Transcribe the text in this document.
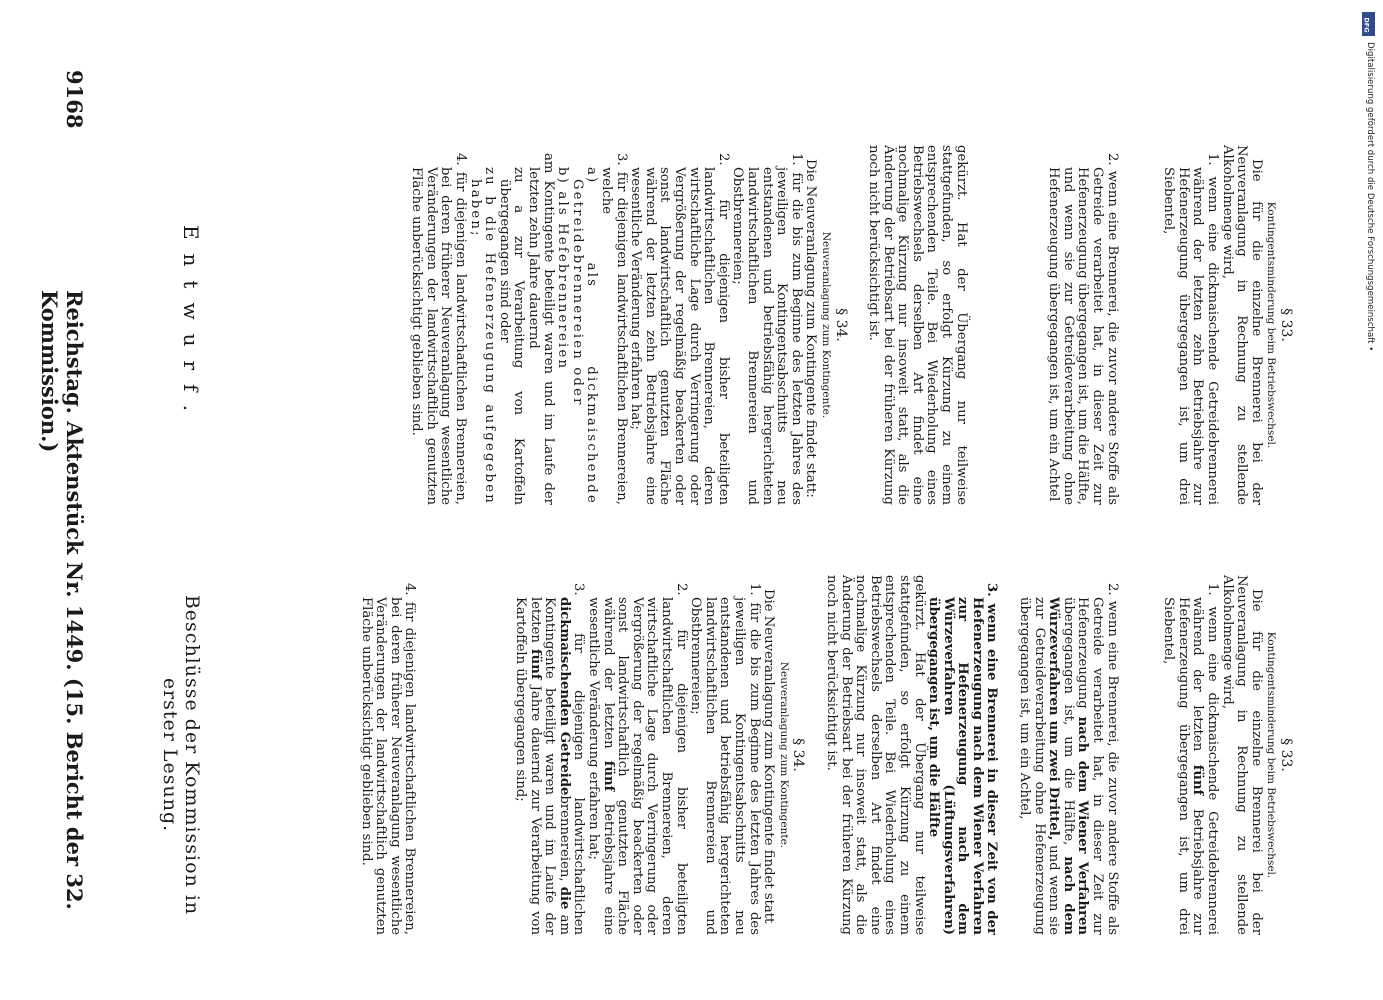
9168
Reichstag. Aktenstück Nr. 1449. (15. Bericht der 32. Kommission.)	Entwurf.
Beschlüsse der Kommission in erster Lesung.
§ 33.
Kontingentsminderung beim Betriebswechsel.

Die für die einzelne Brennerei bei der Neuveranlagung in Rechnung zu stellende Alkoholmenge wird,

1. wenn eine dickmaischende Getreidebrennerei während der letzten zehn Betriebsjahre zur Hefenerzeugung übergegangen ist, um drei Siebentel,
2. wenn eine Brennerei, die zuvor andere Stoffe als Getreide verarbeitet hat, in dieser Zeit zur Hefenerzeugung übergegangen ist, um die Hälfte, und wenn sie zur Getreideverarbeitung ohne Hefenerzeugung übergegangen ist, um ein Achtel
gekürzt. Hat der Übergang nur teilweise stattgefunden, so erfolgt Kürzung zu einem entsprechenden Teile. Bei Wiederholung eines Betriebswechsels derselben Art findet eine nochmalige Kürzung nur insoweit statt, als die Änderung der Betriebsart bei der früheren Kürzung noch nicht berücksichtigt ist.
§ 34.
Neuveranlagung zum Kontingente.

Die Neuveranlagung zum Kontingente findet statt:

1. für die bis zum Beginne des letzten Jahres des jeweiligen Kontingentsabschnitts neu entstandenen und betriebsfähig hergerichteten landwirtschaftlichen Brennereien und Obstbrennereien;
2. für diejenigen bisher beteiligten landwirtschaftlichen Brennereien, deren wirtschaftliche Lage durch Verringerung oder Vergrößerung der regelmäßig beackerten oder sonst landwirtschaftlich genutzten Fläche während der letzten zehn Betriebsjahre eine wesentliche Veränderung erfahren hat;
3. für diejenigen landwirtschaftlichen Brennereien, welche
a) als dickmaischende Getreidebrennereien oder
b) als Hefebrennereien
am Kontingente beteiligt waren und im Laufe der letzten zehn Jahre dauernd
zu a zur Verarbeitung von Kartoffeln übergegangen sind oder
zu b die Hefenerzeugung aufgegeben haben;
4. für diejenigen landwirtschaftlichen Brennereien, bei deren früherer Neuveranlagung wesentliche Veränderungen der landwirtschaftlich genutzten Fläche unberücksichtigt geblieben sind.
§ 33.
Kontingentsminderung beim Betriebswechsel.

Die für die einzelne Brennerei bei der Neuveranlagung in Rechnung zu stellende Alkoholmenge wird,

1. wenn eine dickmaischende Getreidebrennerei während der letzten fünf Betriebsjahre zur Hefenerzeugung übergegangen ist, um drei Siebentel,
2. wenn eine Brennerei, die zuvor andere Stoffe als Getreide verarbeitet hat, in dieser Zeit zur Hefenerzeugung nach dem Wiener Verfahren übergegangen ist, um die Hälfte, nach dem Würzeverfahren um zwei Drittel, und wenn sie zur Getreideverarbeitung ohne Hefenerzeugung übergegangen ist, um ein Achtel,
3. wenn eine Brennerei in dieser Zeit von der Hefenerzeugung nach dem Wiener Verfahren zur Hefenerzeugung nach dem Würzeverfahren (Lüftungsverfahren) übergegangen ist, um die Hälfte
gekürzt. Hat der Übergang nur teilweise stattgefunden, so erfolgt Kürzung zu einem entsprechenden Teile. Bei Wiederholung eines Betriebswechsels derselben Art findet eine nochmalige Kürzung nur insoweit statt, als die Änderung der Betriebsart bei der früheren Kürzung noch nicht berücksichtigt ist.
§ 34.
Neuveranlagung zum Kontingente.

Die Neuveranlagung zum Kontingente findet statt

1. für die bis zum Beginne des letzten Jahres des jeweiligen Kontingentsabschnitts neu entstandenen und betriebsfähig hergerichteten landwirtschaftlichen Brennereien und Obstbrennereien;
2. für diejenigen bisher beteiligten landwirtschaftlichen Brennereien, deren wirtschaftliche Lage durch Verringerung oder Vergrößerung der regelmäßig beackerten oder sonst landwirtschaftlich genutzten Fläche während der letzten fünf Betriebsjahre eine wesentliche Veränderung erfahren hat;
3. für diejenigen landwirtschaftlichen dickmaischenden Getreidebrennereien, die am Kontingente beteiligt waren und im Laufe der letzten fünf Jahre dauernd zur Verarbeitung von Kartoffeln übergegangen sind;
4. für diejenigen landwirtschaftlichen Brennereien, bei deren früherer Neuveranlagung wesentliche Veränderungen der landwirtschaftlich genutzten Fläche unberücksichtigt geblieben sind.
DFG
Digitalisierung gefördert durch die Deutsche Forschungsgemeinschaft •
